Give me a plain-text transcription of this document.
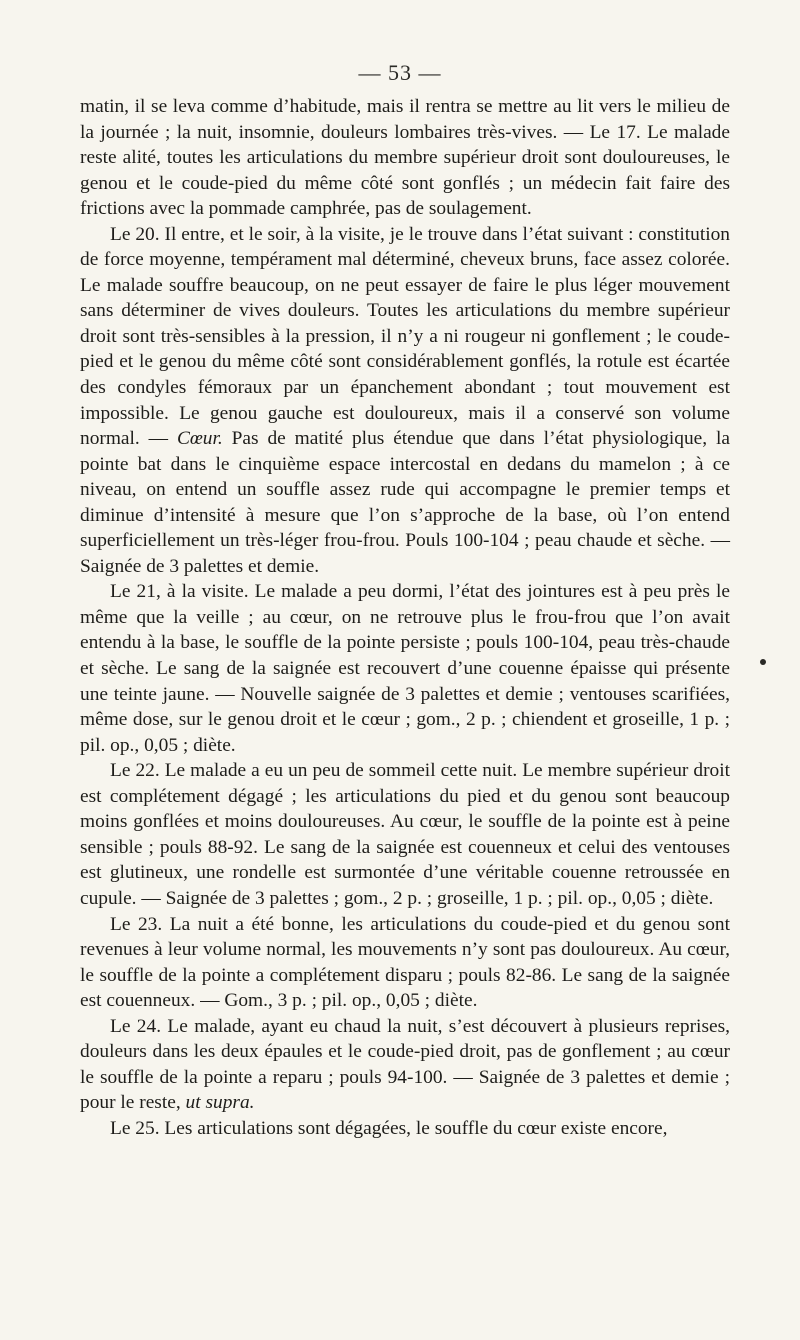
— 53 —

matin, il se leva comme d’habitude, mais il rentra se mettre au lit vers le milieu de la journée ; la nuit, insomnie, douleurs lombaires très-vives. — Le 17. Le malade reste alité, toutes les articulations du membre supérieur droit sont douloureuses, le genou et le coude-pied du même côté sont gonflés ; un médecin fait faire des frictions avec la pommade camphrée, pas de soulagement.

Le 20. Il entre, et le soir, à la visite, je le trouve dans l’état suivant : constitution de force moyenne, tempérament mal déterminé, cheveux bruns, face assez colorée. Le malade souffre beaucoup, on ne peut essayer de faire le plus léger mouvement sans déterminer de vives douleurs. Toutes les articulations du membre supérieur droit sont très-sensibles à la pression, il n’y a ni rougeur ni gonflement ; le coude-pied et le genou du même côté sont considérablement gonflés, la rotule est écartée des condyles fémoraux par un épanchement abondant ; tout mouvement est impossible. Le genou gauche est douloureux, mais il a conservé son volume normal. — Cœur. Pas de matité plus étendue que dans l’état physiologique, la pointe bat dans le cinquième espace intercostal en dedans du mamelon ; à ce niveau, on entend un souffle assez rude qui accompagne le premier temps et diminue d’intensité à mesure que l’on s’approche de la base, où l’on entend superficiellement un très-léger frou-frou. Pouls 100-104 ; peau chaude et sèche. — Saignée de 3 palettes et demie.

Le 21, à la visite. Le malade a peu dormi, l’état des jointures est à peu près le même que la veille ; au cœur, on ne retrouve plus le frou-frou que l’on avait entendu à la base, le souffle de la pointe persiste ; pouls 100-104, peau très-chaude et sèche. Le sang de la saignée est recouvert d’une couenne épaisse qui présente une teinte jaune. — Nouvelle saignée de 3 palettes et demie ; ventouses scarifiées, même dose, sur le genou droit et le cœur ; gom., 2 p. ; chiendent et groseille, 1 p. ; pil. op., 0,05 ; diète.

Le 22. Le malade a eu un peu de sommeil cette nuit. Le membre supérieur droit est complétement dégagé ; les articulations du pied et du genou sont beaucoup moins gonflées et moins douloureuses. Au cœur, le souffle de la pointe est à peine sensible ; pouls 88-92. Le sang de la saignée est couenneux et celui des ventouses est glutineux, une rondelle est surmontée d’une véritable couenne retroussée en cupule. — Saignée de 3 palettes ; gom., 2 p. ; groseille, 1 p. ; pil. op., 0,05 ; diète.

Le 23. La nuit a été bonne, les articulations du coude-pied et du genou sont revenues à leur volume normal, les mouvements n’y sont pas douloureux. Au cœur, le souffle de la pointe a complétement disparu ; pouls 82-86. Le sang de la saignée est couenneux. — Gom., 3 p. ; pil. op., 0,05 ; diète.

Le 24. Le malade, ayant eu chaud la nuit, s’est découvert à plusieurs reprises, douleurs dans les deux épaules et le coude-pied droit, pas de gonflement ; au cœur le souffle de la pointe a reparu ; pouls 94-100. — Saignée de 3 palettes et demie ; pour le reste, ut supra.

Le 25. Les articulations sont dégagées, le souffle du cœur existe encore,
